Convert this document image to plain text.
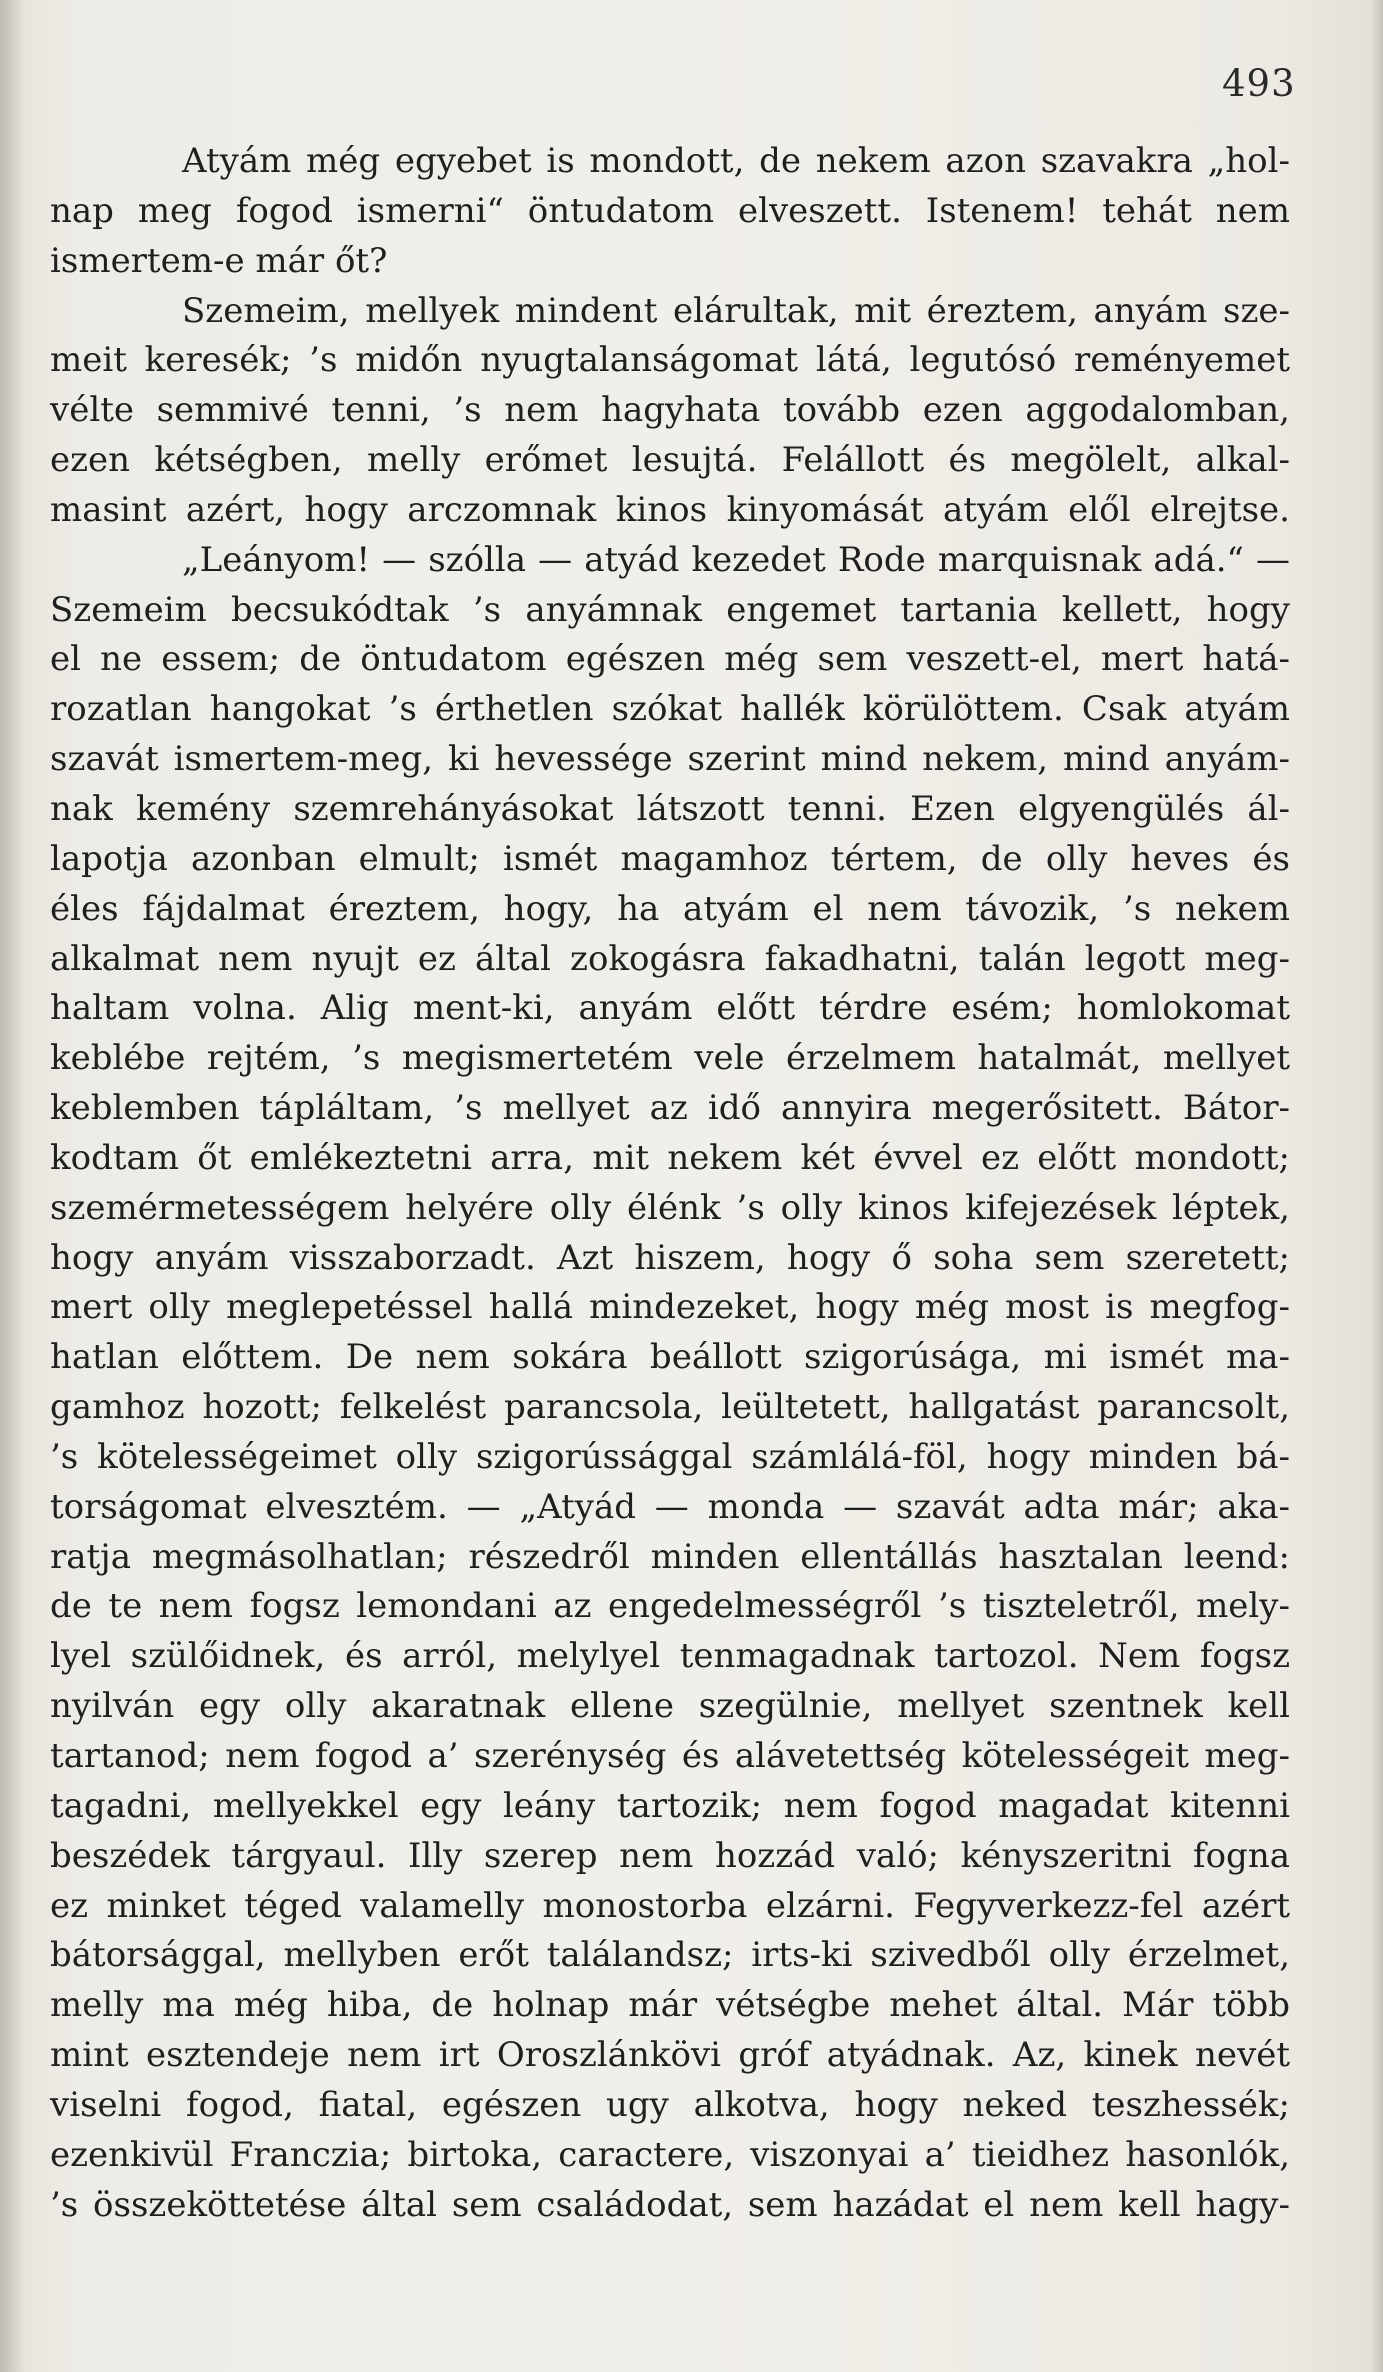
493
Atyám még egyebet is mondott, de nekem azon szavakra „hol-
nap meg fogod ismerni“ öntudatom elveszett. Istenem! tehát nem
ismertem-e már őt?
Szemeim, mellyek mindent elárultak, mit éreztem, anyám sze-
meit keresék; ’s midőn nyugtalanságomat látá, legutósó reményemet
vélte semmivé tenni, ’s nem hagyhata tovább ezen aggodalomban,
ezen kétségben, melly erőmet lesujtá. Felállott és megölelt, alkal-
masint azért, hogy arczomnak kinos kinyomását atyám elől elrejtse.
„Leányom! — szólla — atyád kezedet Rode marquisnak adá.“ —
Szemeim becsukódtak ’s anyámnak engemet tartania kellett, hogy
el ne essem; de öntudatom egészen még sem veszett-el, mert hatá-
rozatlan hangokat ’s érthetlen szókat hallék körülöttem. Csak atyám
szavát ismertem-meg, ki hevessége szerint mind nekem, mind anyám-
nak kemény szemrehányásokat látszott tenni. Ezen elgyengülés ál-
lapotja azonban elmult; ismét magamhoz tértem, de olly heves és
éles fájdalmat éreztem, hogy, ha atyám el nem távozik, ’s nekem
alkalmat nem nyujt ez által zokogásra fakadhatni, talán legott meg-
haltam volna. Alig ment-ki, anyám előtt térdre esém; homlokomat
keblébe rejtém, ’s megismertetém vele érzelmem hatalmát, mellyet
keblemben tápláltam, ’s mellyet az idő annyira megerősitett. Bátor-
kodtam őt emlékeztetni arra, mit nekem két évvel ez előtt mondott;
szemérmetességem helyére olly élénk ’s olly kinos kifejezések léptek,
hogy anyám visszaborzadt. Azt hiszem, hogy ő soha sem szeretett;
mert olly meglepetéssel hallá mindezeket, hogy még most is megfog-
hatlan előttem. De nem sokára beállott szigorúsága, mi ismét ma-
gamhoz hozott; felkelést parancsola, leültetett, hallgatást parancsolt,
’s kötelességeimet olly szigorússággal számlálá-föl, hogy minden bá-
torságomat elvesztém. — „Atyád — monda — szavát adta már; aka-
ratja megmásolhatlan; részedről minden ellentállás hasztalan leend:
de te nem fogsz lemondani az engedelmességről ’s tiszteletről, mely-
lyel szülőidnek, és arról, melylyel tenmagadnak tartozol. Nem fogsz
nyilván egy olly akaratnak ellene szegülnie, mellyet szentnek kell
tartanod; nem fogod a’ szerénység és alávetettség kötelességeit meg-
tagadni, mellyekkel egy leány tartozik; nem fogod magadat kitenni
beszédek tárgyaul. Illy szerep nem hozzád való; kényszeritni fogna
ez minket téged valamelly monostorba elzárni. Fegyverkezz-fel azért
bátorsággal, mellyben erőt találandsz; irts-ki szivedből olly érzelmet,
melly ma még hiba, de holnap már vétségbe mehet által. Már több
mint esztendeje nem irt Oroszlánkövi gróf atyádnak. Az, kinek nevét
viselni fogod, fiatal, egészen ugy alkotva, hogy neked teszhessék;
ezenkivül Franczia; birtoka, caractere, viszonyai a’ tieidhez hasonlók,
’s összeköttetése által sem családodat, sem hazádat el nem kell hagy-
